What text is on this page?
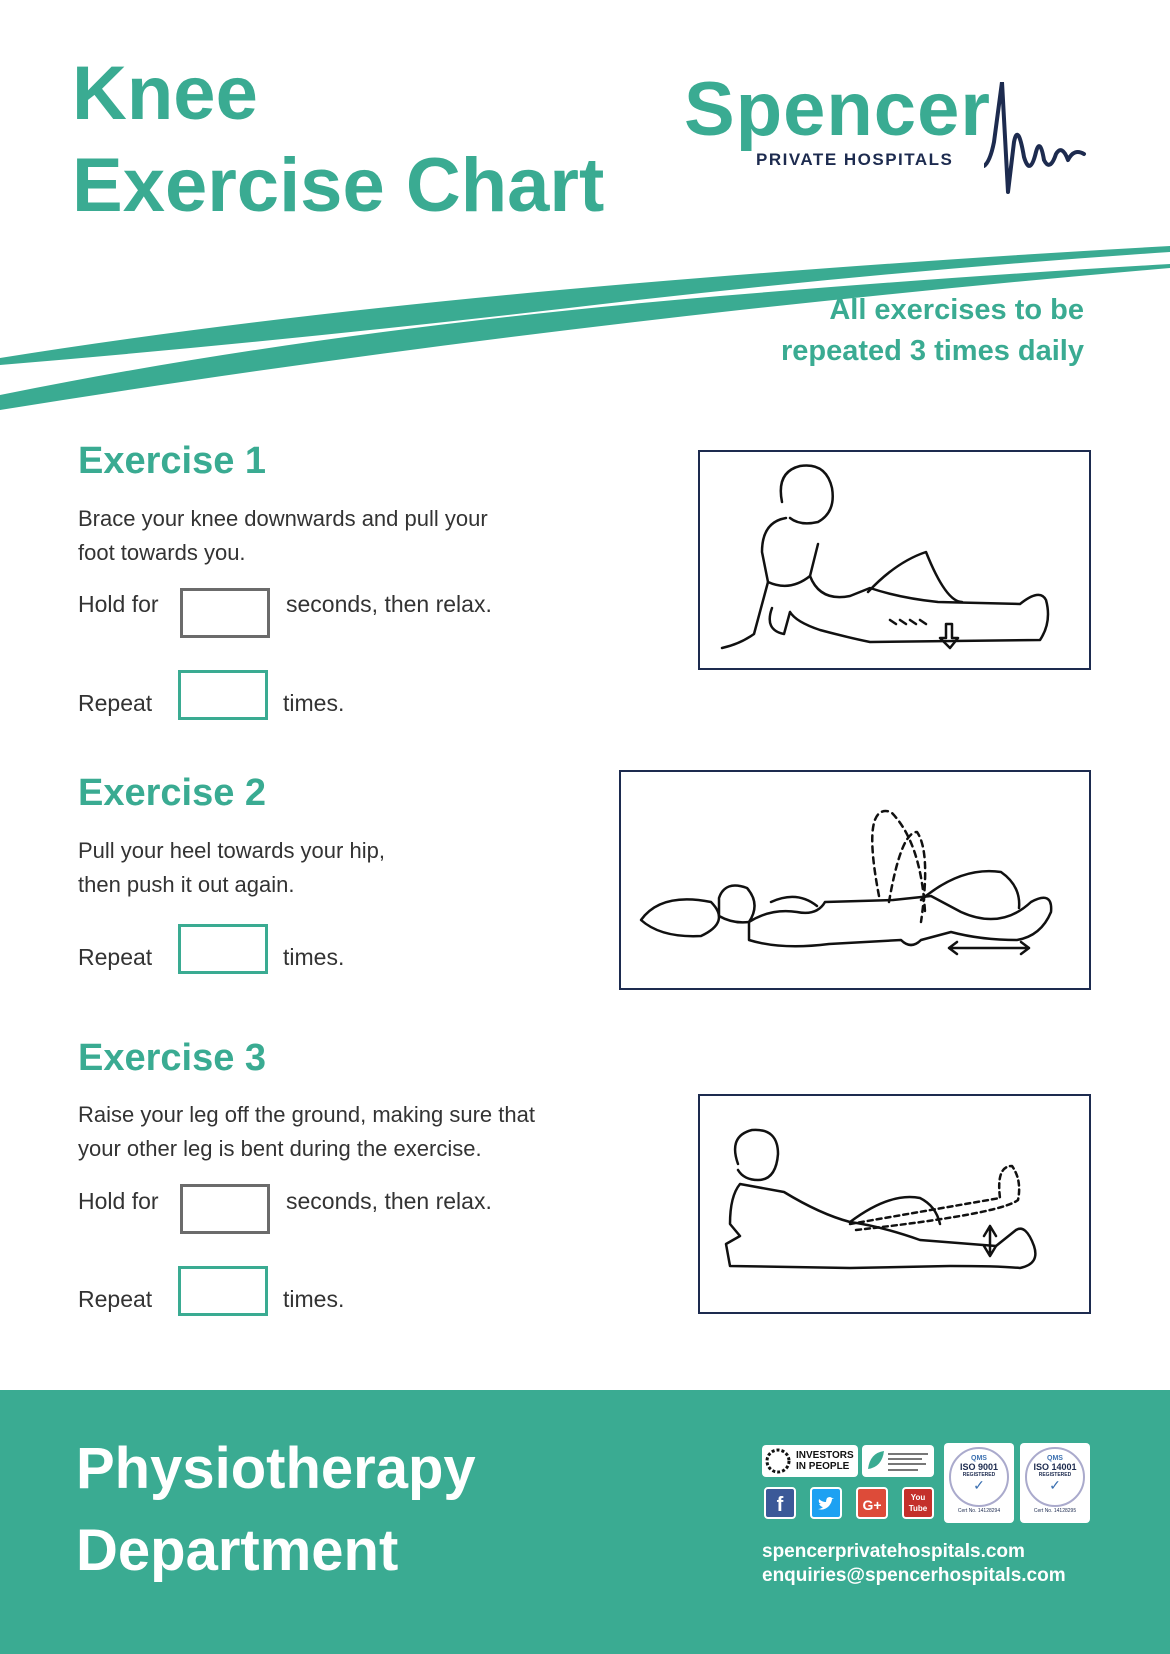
Knee
Exercise Chart
Spencer
PRIVATE HOSPITALS
All exercises to be
repeated 3 times daily
Exercise 1

Brace your knee downwards and pull your
foot towards you.

Hold for	seconds, then relax.
Repeat	times.
Exercise 2

Pull your heel towards your hip,
then push it out again.

Repeat	times.
Exercise 3

Raise your leg off the ground, making sure that
your other leg is bent during the exercise.

Hold for	seconds, then relax.
Repeat	times.
Physiotherapy
Department
INVESTORS
IN PEOPLE
f	G+	You Tube
QMS
ISO 9001
REGISTERED
✓
Cert No. 14128294
QMS
ISO 14001
REGISTERED
✓
Cert No. 14128295
spencerprivatehospitals.com
enquiries@spencerhospitals.com
